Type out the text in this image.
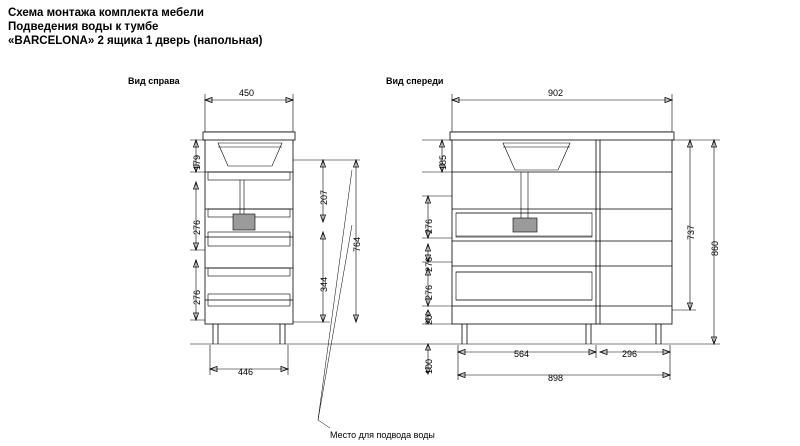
Схема монтажа комплекта мебели
Подведения воды к тумбе
«BARCELONA» 2 ящика 1 дверь (напольная)
Вид справа	Вид спереди
450
446
179
276
276
207
344
764
902
898
564	296
185
276
276
276
20
100
737
860
Место для подвода воды
